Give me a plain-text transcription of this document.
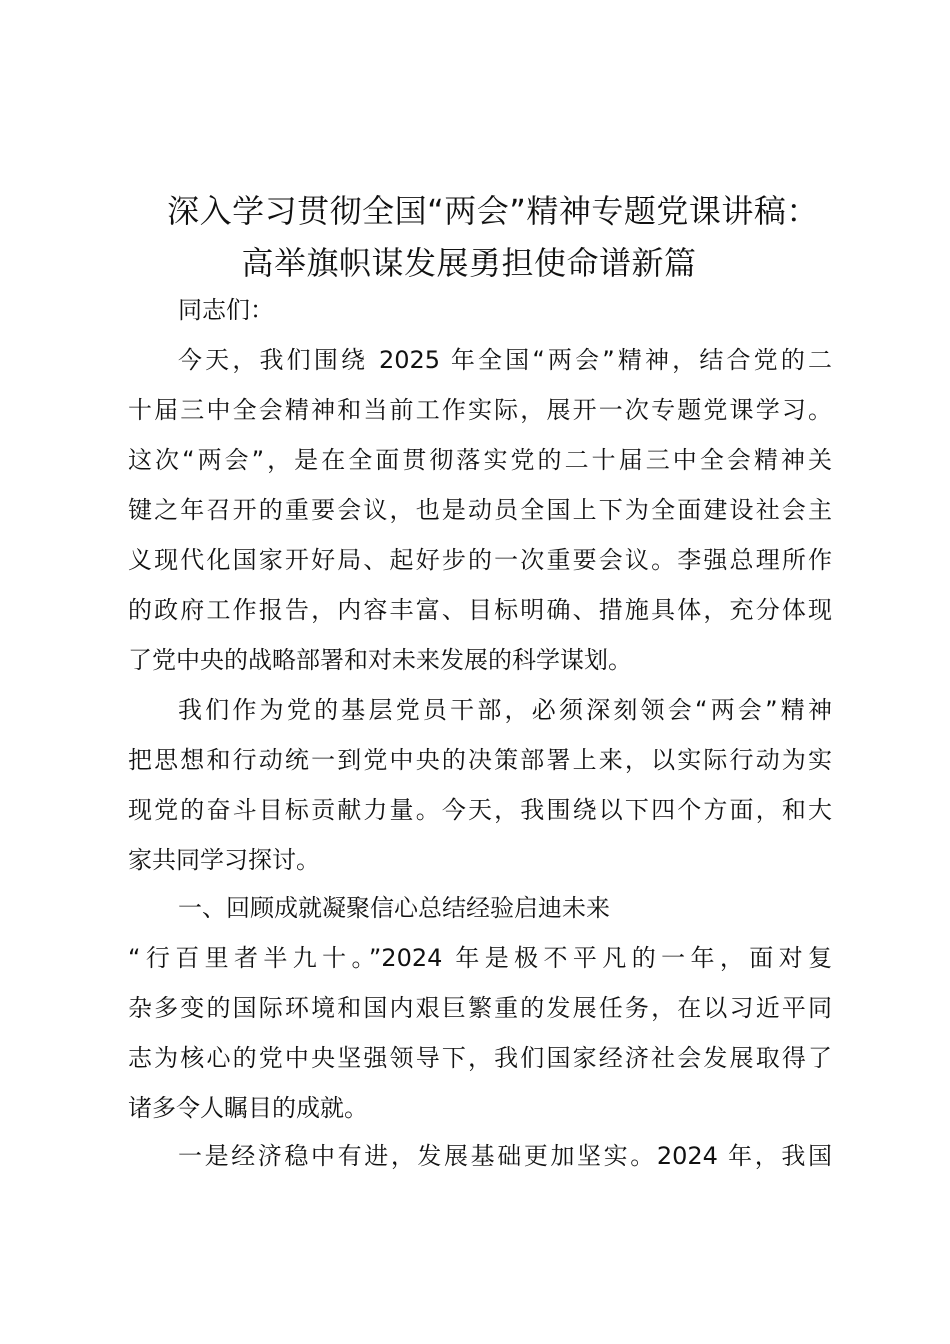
深入学习贯彻全国“两会”精神专题党课讲稿：
高举旗帜谋发展勇担使命谱新篇
同志们：
今天，我们围绕 2025 年全国“两会”精神，结合党的二
十届三中全会精神和当前工作实际，展开一次专题党课学习。
这次“两会”，是在全面贯彻落实党的二十届三中全会精神关
键之年召开的重要会议，也是动员全国上下为全面建设社会主
义现代化国家开好局、起好步的一次重要会议。李强总理所作
的政府工作报告，内容丰富、目标明确、措施具体，充分体现
了党中央的战略部署和对未来发展的科学谋划。
我们作为党的基层党员干部，必须深刻领会“两会”精神
把思想和行动统一到党中央的决策部署上来，以实际行动为实
现党的奋斗目标贡献力量。今天，我围绕以下四个方面，和大
家共同学习探讨。
一、回顾成就凝聚信心总结经验启迪未来
“行百里者半九十。”2024 年是极不平凡的一年，面对复
杂多变的国际环境和国内艰巨繁重的发展任务，在以习近平同
志为核心的党中央坚强领导下，我们国家经济社会发展取得了
诸多令人瞩目的成就。
一是经济稳中有进，发展基础更加坚实。2024 年，我国
